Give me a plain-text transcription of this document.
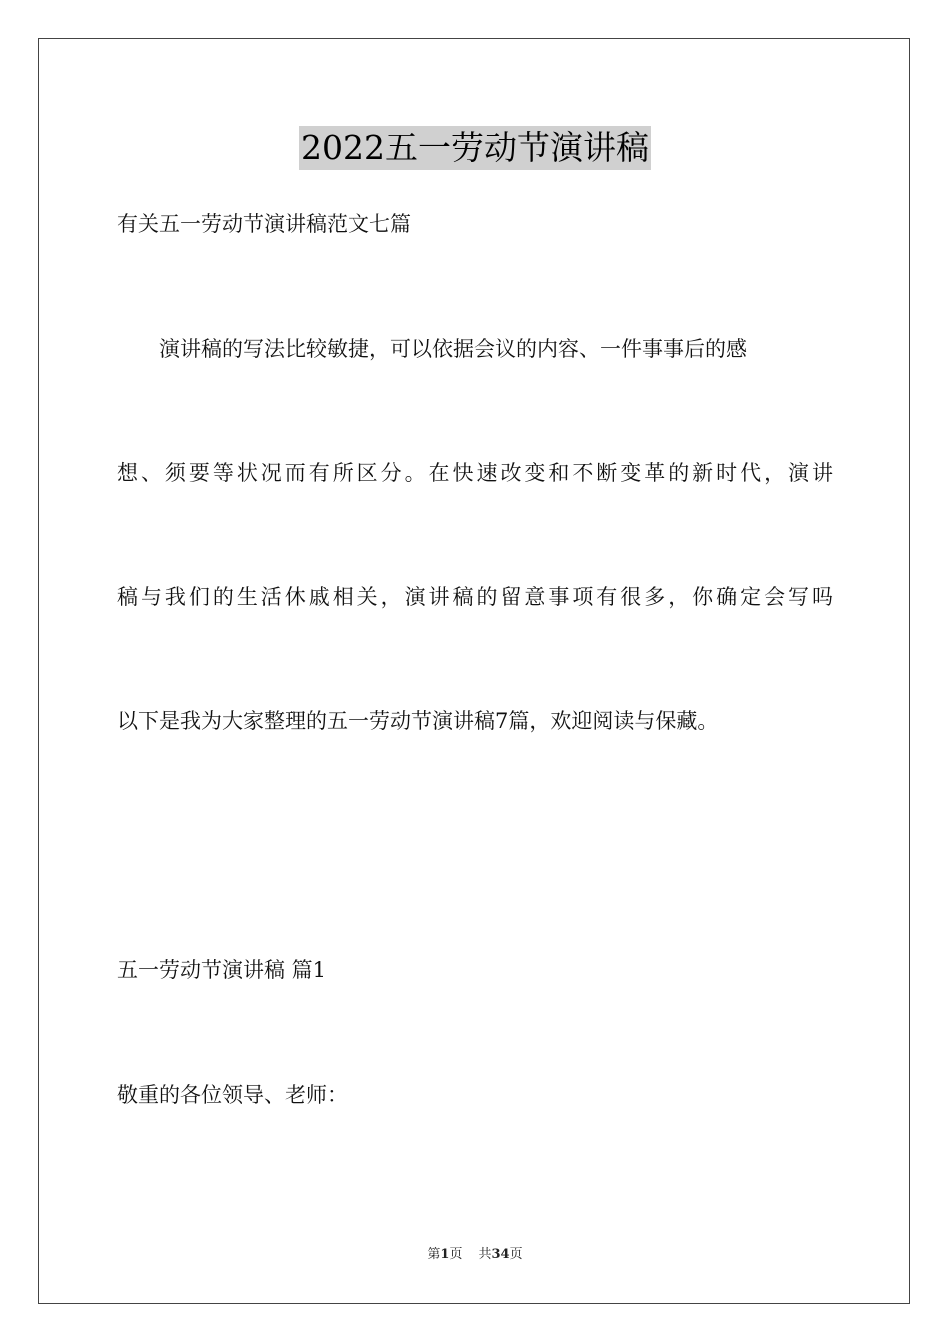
2022五一劳动节演讲稿
有关五一劳动节演讲稿范文七篇
　　演讲稿的写法比较敏捷，可以依据会议的内容、一件事事后的感
想、须要等状况而有所区分。在快速改变和不断变革的新时代，演讲
稿与我们的生活休戚相关，演讲稿的留意事项有很多，你确定会写吗
以下是我为大家整理的五一劳动节演讲稿7篇，欢迎阅读与保藏。
五一劳动节演讲稿 篇1
敬重的各位领导、老师：
第1页 共34页
